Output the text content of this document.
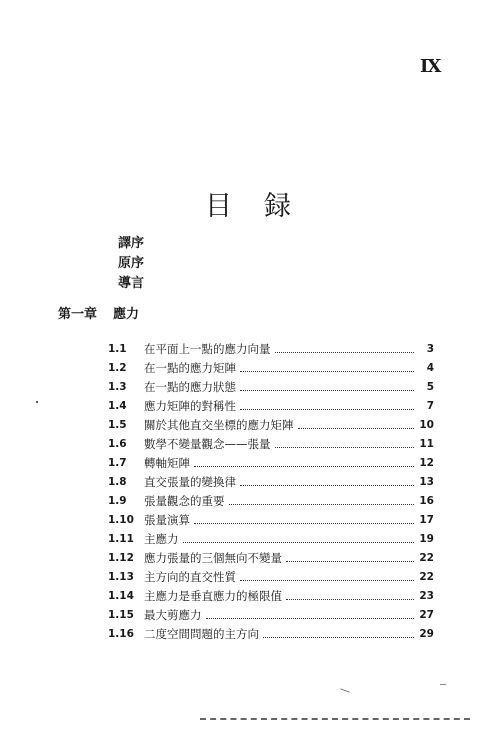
IX
目録
譯序
原序
導言
第一章 應力
1.1	在平面上一點的應力向量	3
1.2	在一點的應力矩陣	4
1.3	在一點的應力狀態	5
1.4	應力矩陣的對稱性	7
1.5	關於其他直交坐標的應力矩陣	10
1.6	數學不變量觀念——張量	11
1.7	轉軸矩陣	12
1.8	直交張量的變換律	13
1.9	張量觀念的重要	16
1.10 張量演算	17
1.11 主應力	19
1.12 應力張量的三個無向不變量	22
1.13 主方向的直交性質	22
1.14 主應力是垂直應力的極限值	23
1.15 最大剪應力	27
1.16 二度空間問題的主方向	29
